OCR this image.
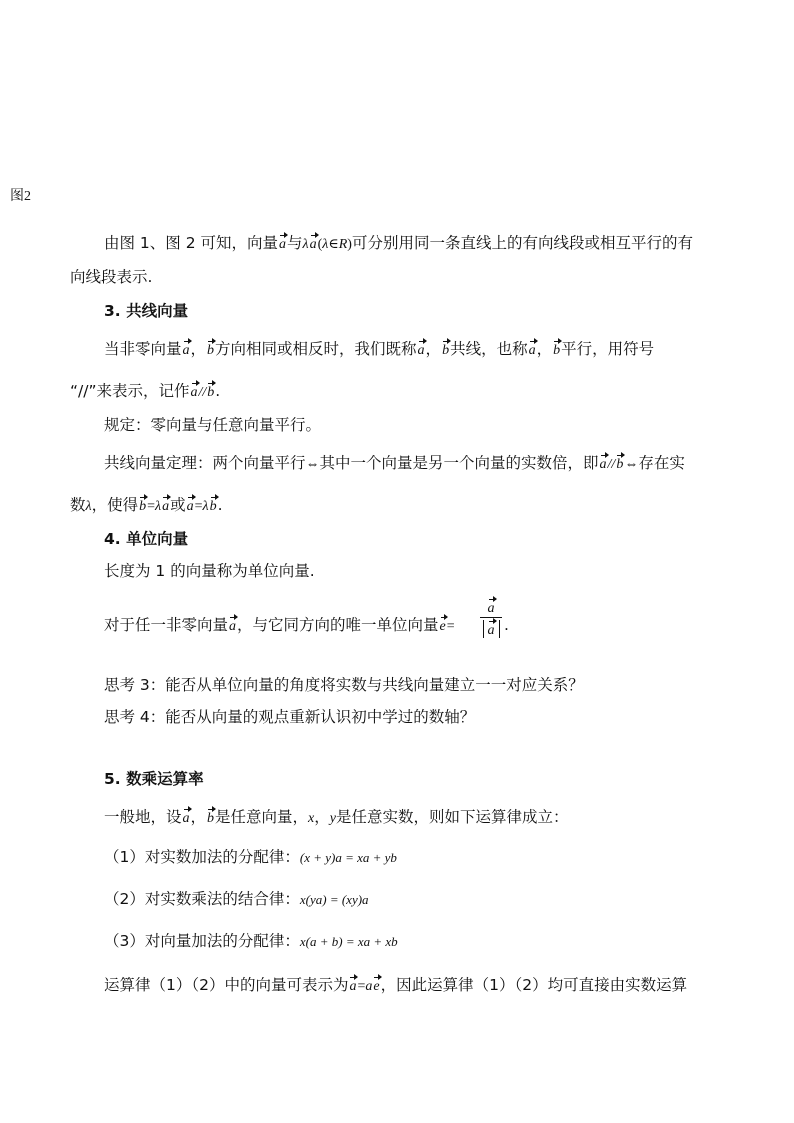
图2
由图 1、图 2 可知，向量a与λa(λ∈R)可分别用同一条直线上的有向线段或相互平行的有
向线段表示.
3. 共线向量
当非零向量a，b方向相同或相反时，我们既称a，b共线，也称a，b平行，用符号
“//”来表示，记作a//b.
规定：零向量与任意向量平行。
共线向量定理：两个向量平行⇔其中一个向量是另一个向量的实数倍，即a//b⇔存在实
数λ，使得b=λa或a=λb.
4. 单位向量
长度为 1 的向量称为单位向量.
对于任一非零向量a，与它同方向的唯一单位向量e=
a
a .
思考 3：能否从单位向量的角度将实数与共线向量建立一一对应关系？
思考 4：能否从向量的观点重新认识初中学过的数轴？
5. 数乘运算率
一般地，设a，b是任意向量，x，y是任意实数，则如下运算律成立：
（1）对实数加法的分配律：(x + y)a = xa + yb
（2）对实数乘法的结合律：x(ya) = (xy)a
（3）对向量加法的分配律：x(a + b) = xa + xb
运算律（1）（2）中的向量可表示为a=ae，因此运算律（1）（2）均可直接由实数运算
